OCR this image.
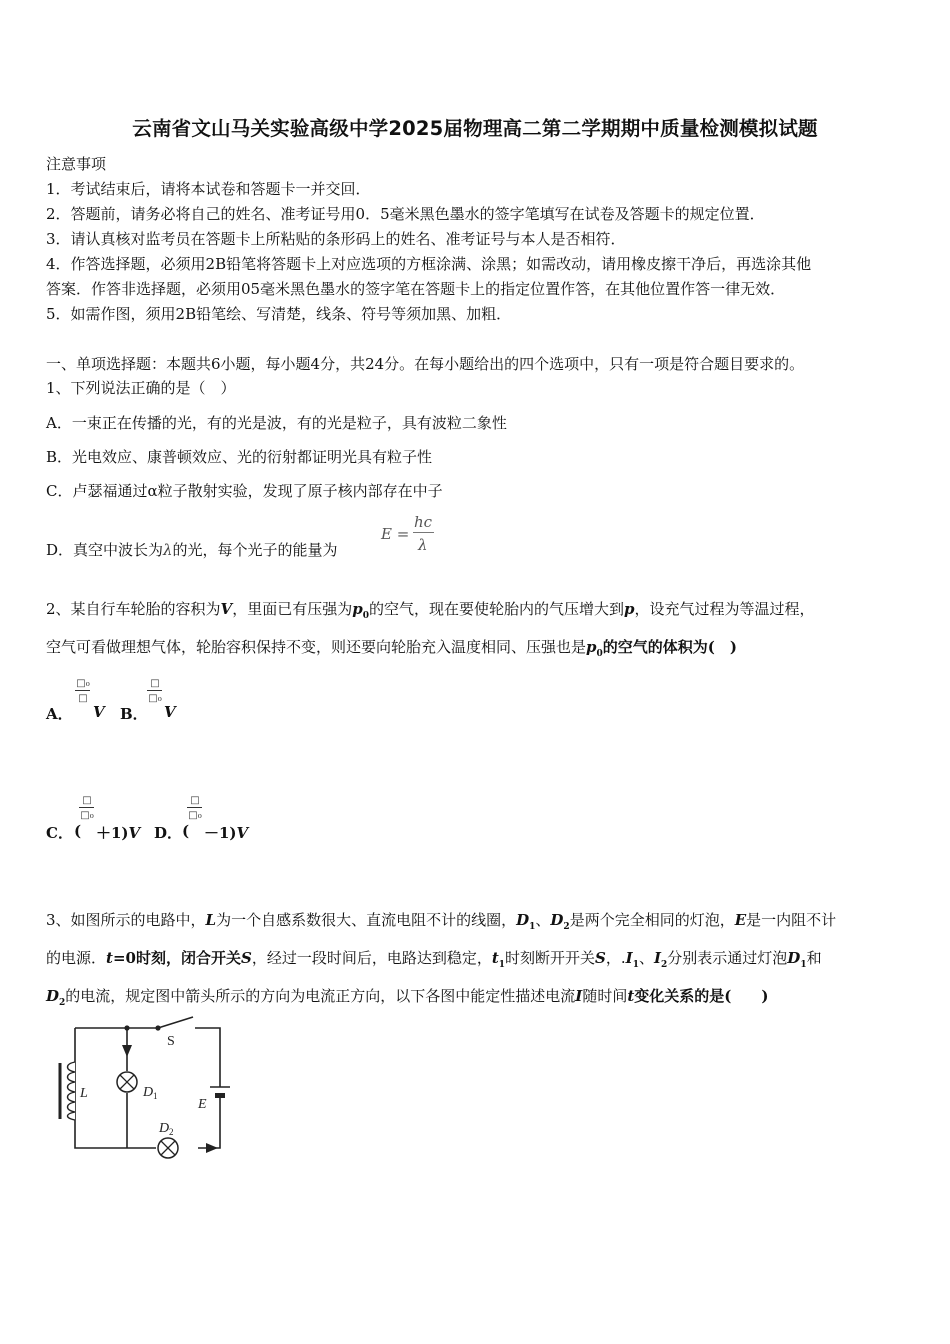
云南省文山马关实验高级中学2025届物理高二第二学期期中质量检测模拟试题
注意事项
1．考试结束后，请将本试卷和答题卡一并交回．
2．答题前，请务必将自己的姓名、准考证号用0．5毫米黑色墨水的签字笔填写在试卷及答题卡的规定位置．
3．请认真核对监考员在答题卡上所粘贴的条形码上的姓名、准考证号与本人是否相符．
4．作答选择题，必须用2B铅笔将答题卡上对应选项的方框涂满、涂黑；如需改动，请用橡皮擦干净后，再选涂其他
答案．作答非选择题，必须用05毫米黑色墨水的签字笔在答题卡上的指定位置作答，在其他位置作答一律无效．
5．如需作图，须用2B铅笔绘、写清楚，线条、符号等须加黑、加粗．
一、单项选择题：本题共6小题，每小题4分，共24分。在每小题给出的四个选项中，只有一项是符合题目要求的。
1、下列说法正确的是（　）
A．一束正在传播的光，有的光是波，有的光是粒子，具有波粒二象性
B．光电效应、康普顿效应、光的衍射都证明光具有粒子性
C．卢瑟福通过α粒子散射实验，发现了原子核内部存在中子
D．真空中波长为λ的光，每个光子的能量为
E =
hc
λ
2、某自行车轮胎的容积为V，里面已有压强为$p_0$的空气，现在要使轮胎内的气压增大到p，设充气过程为等温过程，
空气可看做理想气体，轮胎容积保持不变，则还要向轮胎充入温度相同、压强也是$p_0$的空气的体积为(　)
A．
□₀
□
V B．
□
□₀
V
C． (
□
□₀
＋1)V D． (
□
□₀
－1)V
3、如图所示的电路中，L为一个自感系数很大、直流电阻不计的线圈，$D_1$、$D_2$是两个完全相同的灯泡，E是一内阻不计
的电源．t=0时刻，闭合开关S，经过一段时间后，电路达到稳定，$t_1$时刻断开开关S，$.I_1$、$I_2$分别表示通过灯泡$D_1$和
$D_2$的电流，规定图中箭头所示的方向为电流正方向，以下各图中能定性描述电流I随时间t变化关系的是(　　)
S
L	D 1
E
D 2
